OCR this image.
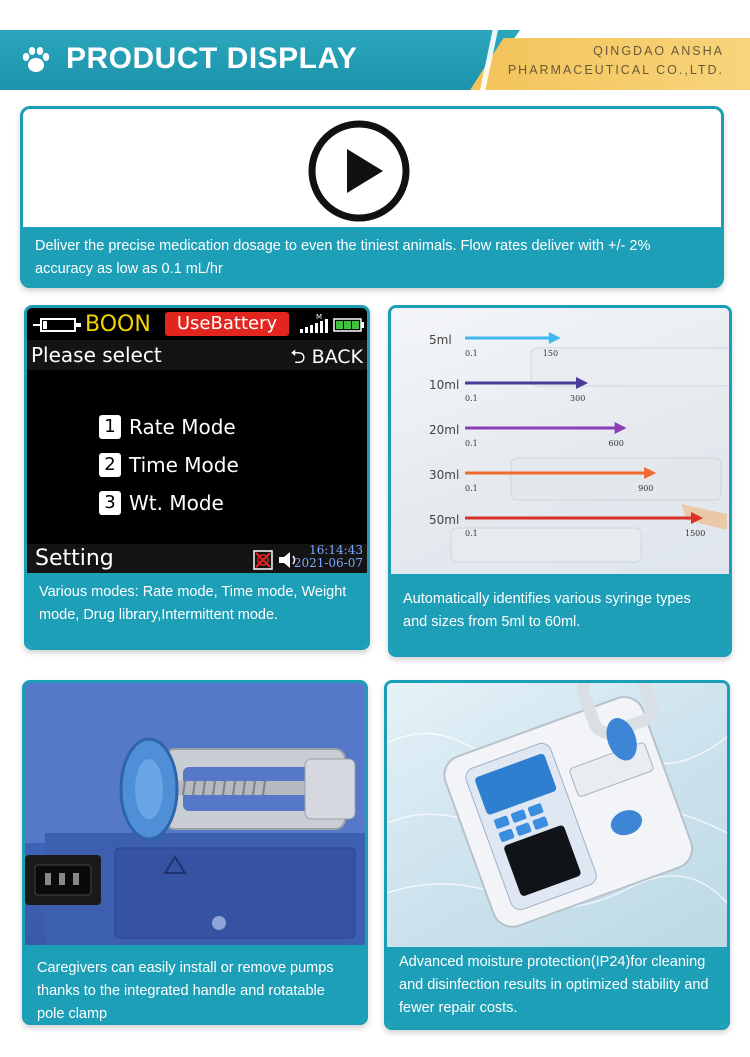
PRODUCT DISPLAY	QINGDAO ANSHA
PHARMACEUTICAL CO.,LTD.
Deliver the precise medication dosage to even the tiniest animals. Flow rates deliver with +/- 2% accuracy as low as 0.1 mL/hr
BOON	UseBattery	M
Please select	⮌ BACK
1 Rate Mode
2 Time Mode
3 Wt. Mode
Setting	16:14:43
2021-06-07
Various modes: Rate mode, Time mode, Weight mode, Drug library,Intermittent mode.
5ml
0.1	150
10ml
0.1	300
20ml
0.1	600
30ml
0.1	900
50ml
0.1	1500
Automatically identifies various syringe types and sizes from 5ml to 60ml.
Caregivers can easily install or remove pumps thanks to the integrated handle and rotatable pole clamp
Advanced moisture protection(IP24)for cleaning and disinfection results in optimized stability and fewer repair costs.
